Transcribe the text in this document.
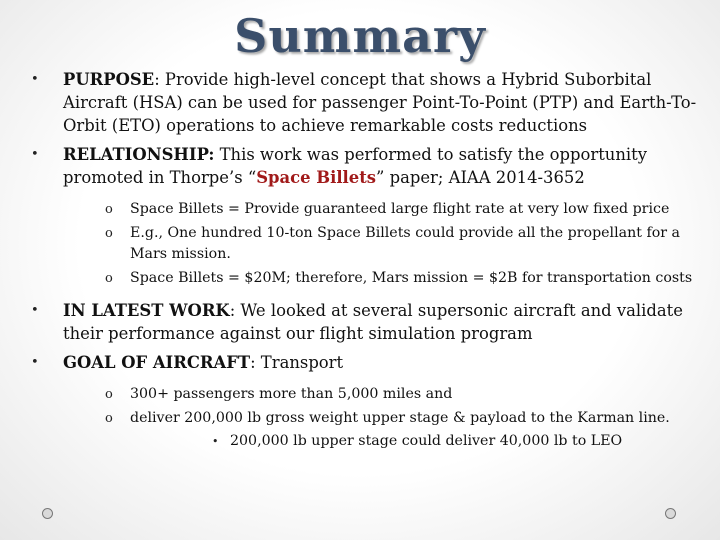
Summary
• PURPOSE: Provide high-level concept that shows a Hybrid Suborbital Aircraft (HSA) can be used for passenger Point-To-Point (PTP) and Earth-To-Orbit (ETO) operations to achieve remarkable costs reductions
• RELATIONSHIP: This work was performed to satisfy the opportunity promoted in Thorpe’s “Space Billets” paper; AIAA 2014-3652
o Space Billets = Provide guaranteed large flight rate at very low fixed price
o E.g., One hundred 10-ton Space Billets could provide all the propellant for a Mars mission.
o Space Billets = $20M; therefore, Mars mission = $2B for transportation costs
• IN LATEST WORK: We looked at several supersonic aircraft and validate their performance against our flight simulation program
• GOAL OF AIRCRAFT: Transport
o 300+ passengers more than 5,000 miles and
o deliver 200,000 lb gross weight upper stage & payload to the Karman line.
• 200,000 lb upper stage could deliver 40,000 lb to LEO
